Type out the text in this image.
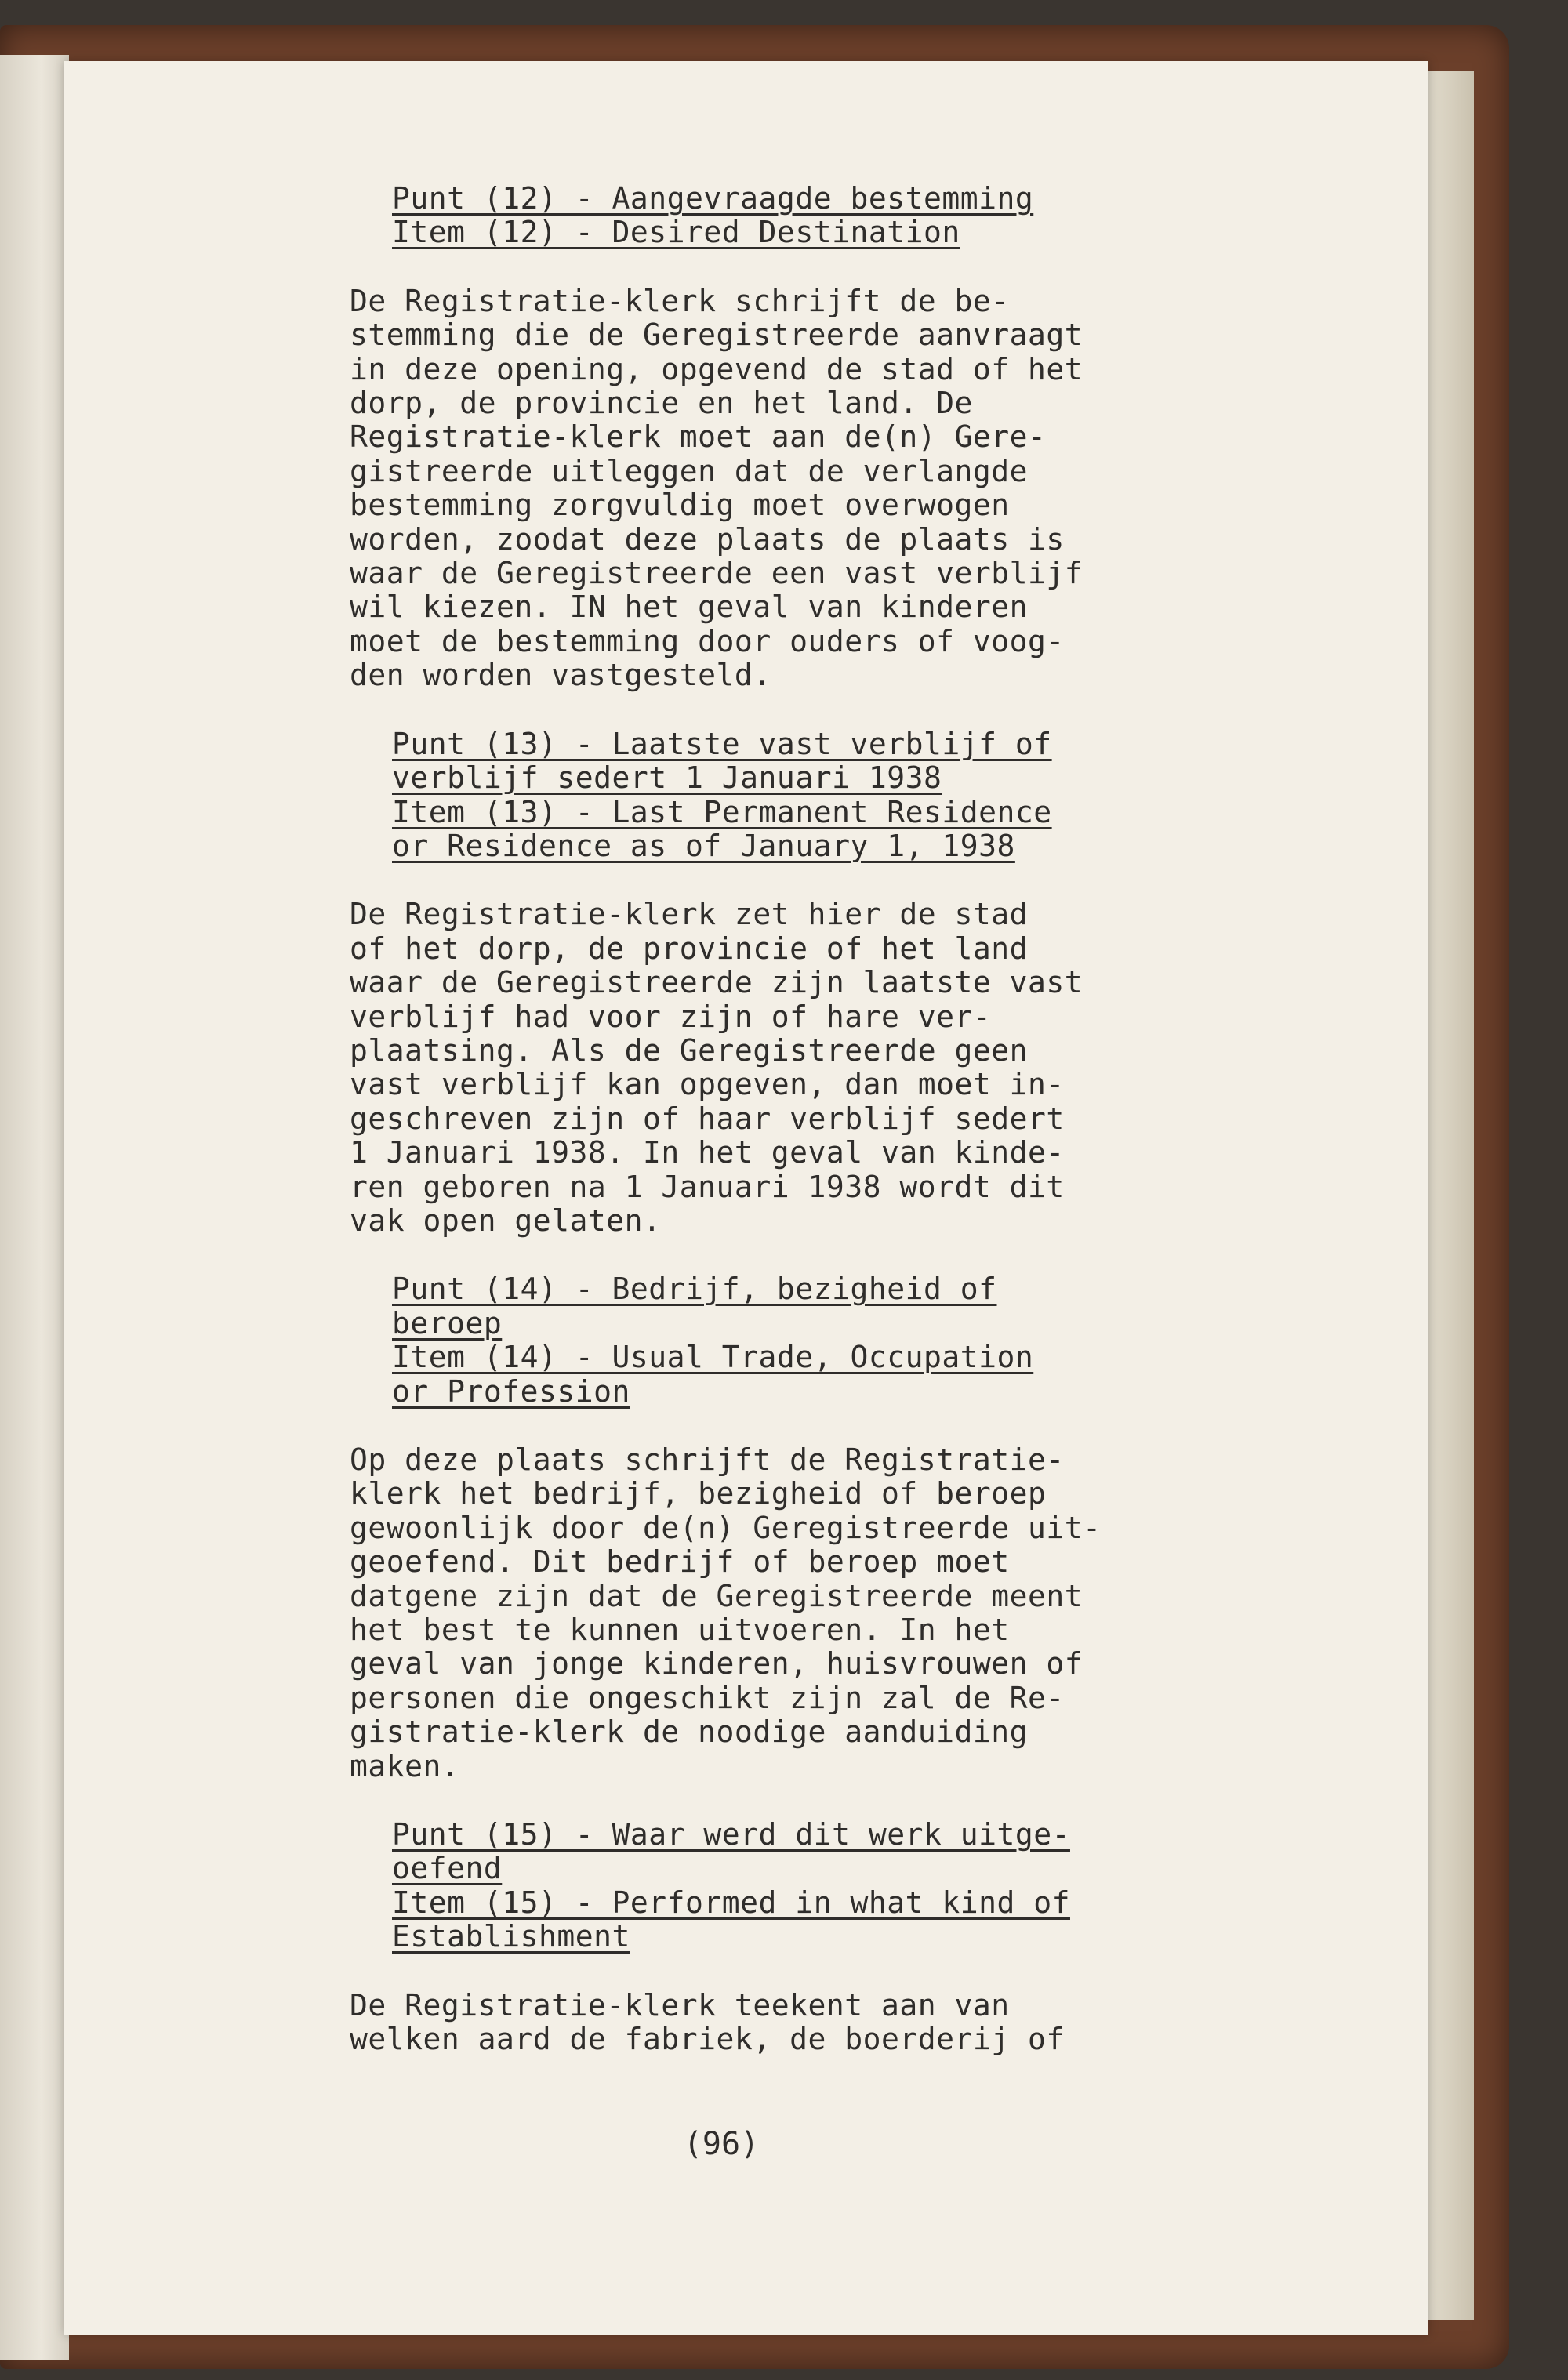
Punt (12) - Aangevraagde bestemming
Item (12) - Desired Destination
De Registratie-klerk schrijft de be-
stemming die de Geregistreerde aanvraagt
in deze opening, opgevend de stad of het
dorp, de provincie en het land. De
Registratie-klerk moet aan de(n) Gere-
gistreerde uitleggen dat de verlangde
bestemming zorgvuldig moet overwogen
worden, zoodat deze plaats de plaats is
waar de Geregistreerde een vast verblijf
wil kiezen. IN het geval van kinderen
moet de bestemming door ouders of voog-
den worden vastgesteld.
Punt (13) - Laatste vast verblijf of
verblijf sedert 1 Januari 1938
Item (13) - Last Permanent Residence
or Residence as of January 1, 1938
De Registratie-klerk zet hier de stad
of het dorp, de provincie of het land
waar de Geregistreerde zijn laatste vast
verblijf had voor zijn of hare ver-
plaatsing. Als de Geregistreerde geen
vast verblijf kan opgeven, dan moet in-
geschreven zijn of haar verblijf sedert
1 Januari 1938. In het geval van kinde-
ren geboren na 1 Januari 1938 wordt dit
vak open gelaten.
Punt (14) - Bedrijf, bezigheid of
beroep
Item (14) - Usual Trade, Occupation
or Profession
Op deze plaats schrijft de Registratie-
klerk het bedrijf, bezigheid of beroep
gewoonlijk door de(n) Geregistreerde uit-
geoefend. Dit bedrijf of beroep moet
datgene zijn dat de Geregistreerde meent
het best te kunnen uitvoeren. In het
geval van jonge kinderen, huisvrouwen of
personen die ongeschikt zijn zal de Re-
gistratie-klerk de noodige aanduiding
maken.
Punt (15) - Waar werd dit werk uitge-
oefend
Item (15) - Performed in what kind of
Establishment
De Registratie-klerk teekent aan van
welken aard de fabriek, de boerderij of
(96)
